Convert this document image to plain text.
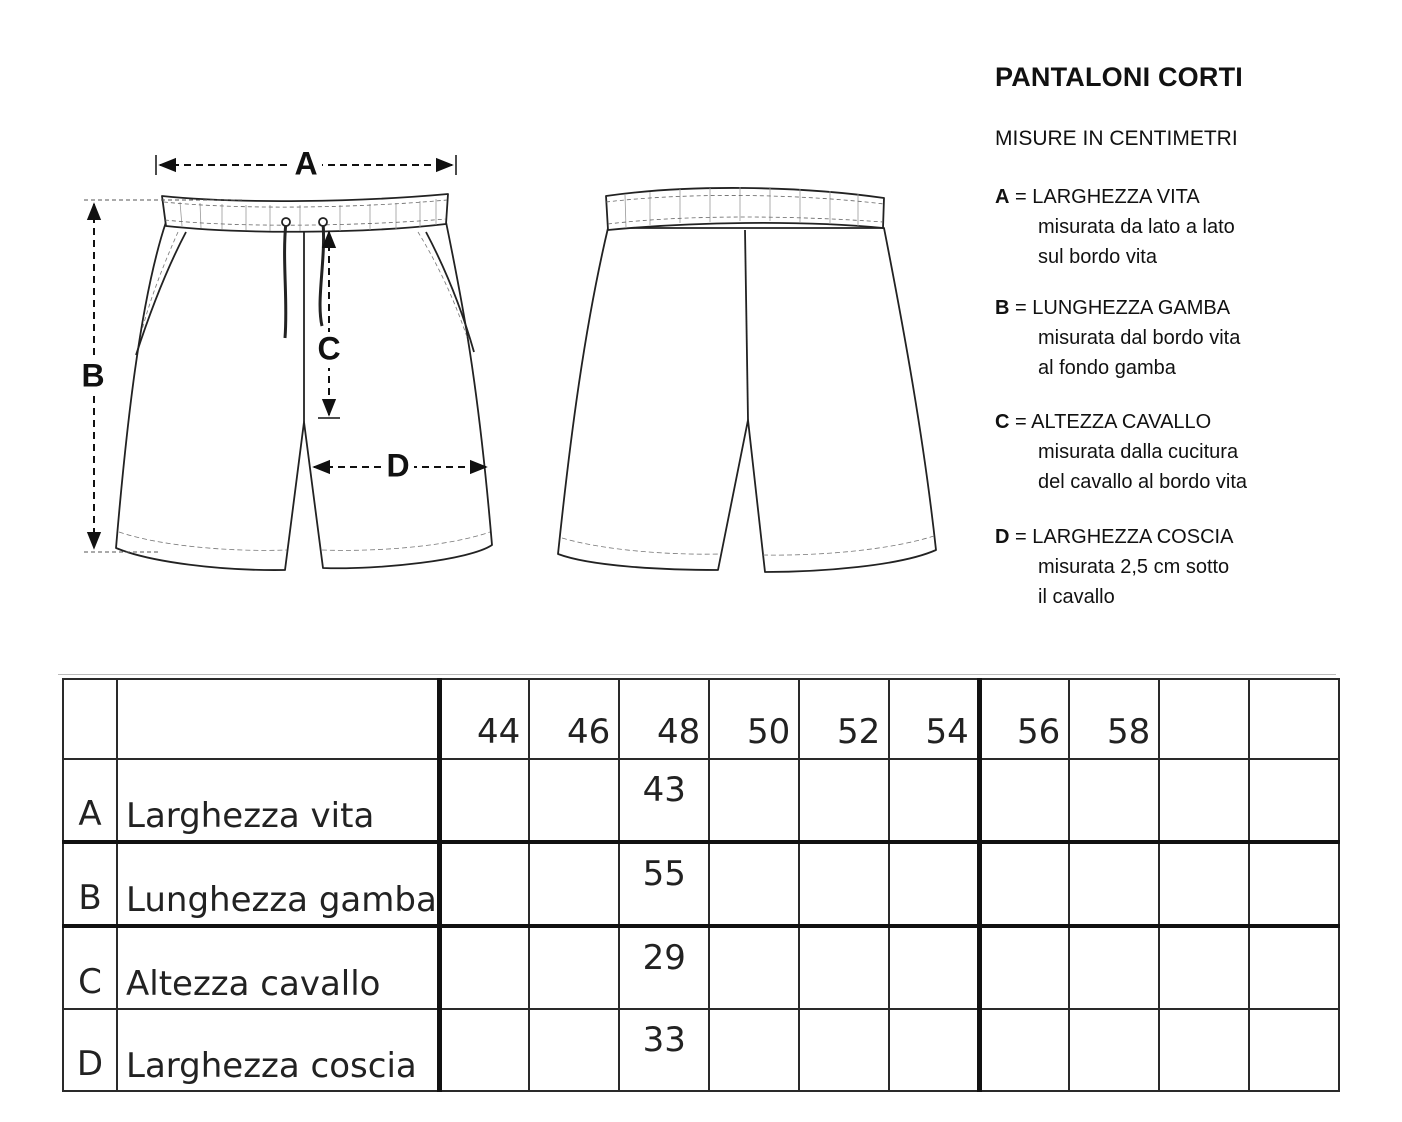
A
B
C
D
PANTALONI CORTI
MISURE IN CENTIMETRI
A = LARGHEZZA VITA
misurata da lato a lato
sul bordo vita
B = LUNGHEZZA GAMBA
misurata dal bordo vita
al fondo gamba
C = ALTEZZA CAVALLO
misurata dalla cucitura
del cavallo al bordo vita
D = LARGHEZZA COSCIA
misurata 2,5 cm sotto
il cavallo
		44	46	48	50	52	54	56	58		
A	Larghezza vita			43							
B	Lunghezza gamba			55							
C	Altezza cavallo			29							
D	Larghezza coscia			33							
